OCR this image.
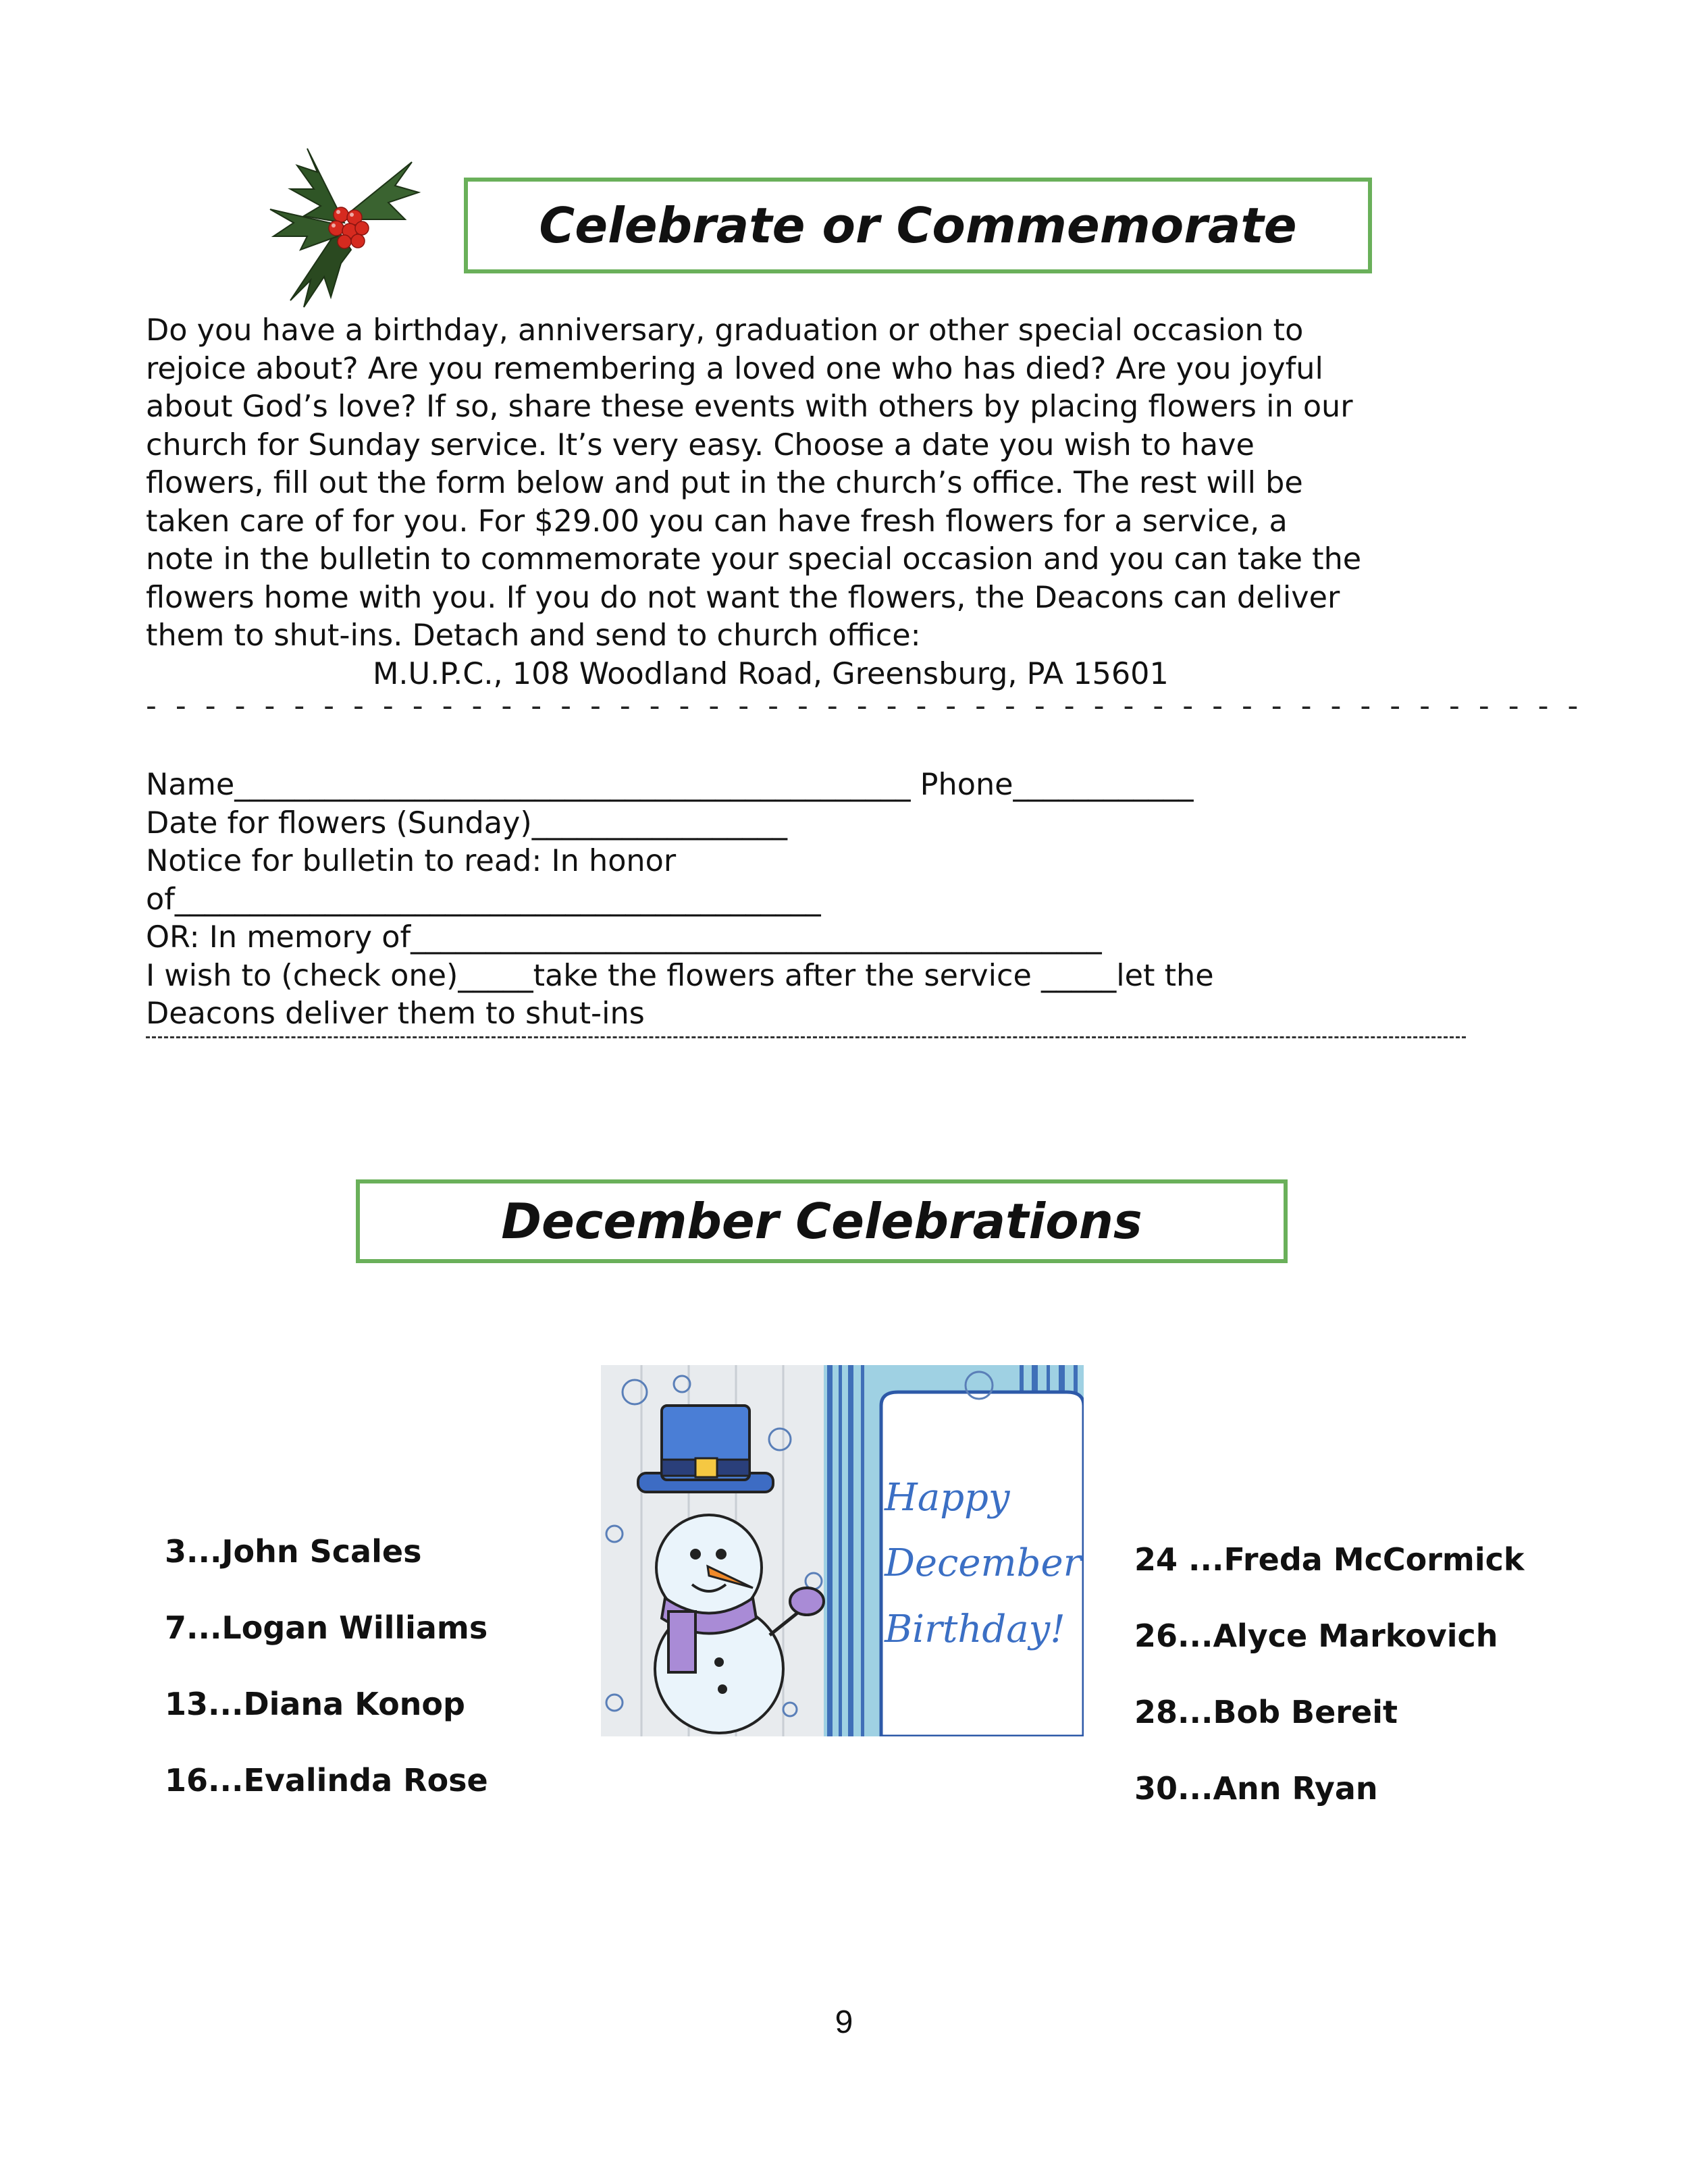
Celebrate or Commemorate
Do you have a birthday, anniversary, graduation or other special occasion to
rejoice about? Are you remembering a loved one who has died? Are you joyful
about God’s love? If so, share these events with others by placing flowers in our
church for Sunday service. It’s very easy. Choose a date you wish to have
flowers, fill out the form below and put in the church’s office. The rest will be
taken care of for you. For $29.00 you can have fresh flowers for a service, a
note in the bulletin to commemorate your special occasion and you can take the
flowers home with you. If you do not want the flowers, the Deacons can deliver
them to shut-ins. Detach and send to church office:
M.U.P.C., 108 Woodland Road, Greensburg, PA 15601
- - - - - - - - - - - - - - - - - - - - - - - - - - - - - - - - - - - - - - - - - - - - - - - - -
Name_____________________________________________ Phone____________
Date for flowers (Sunday)_________________
Notice for bulletin to read: In honor
of___________________________________________
OR: In memory of______________________________________________
I wish to (check one)_____take the flowers after the service _____let the
Deacons deliver them to shut-ins
December Celebrations
Happy
December
Birthday!
3...John Scales
7...Logan Williams
13...Diana Konop
16...Evalinda Rose
24 ...Freda McCormick
26...Alyce Markovich
28...Bob Bereit
30...Ann Ryan
9
